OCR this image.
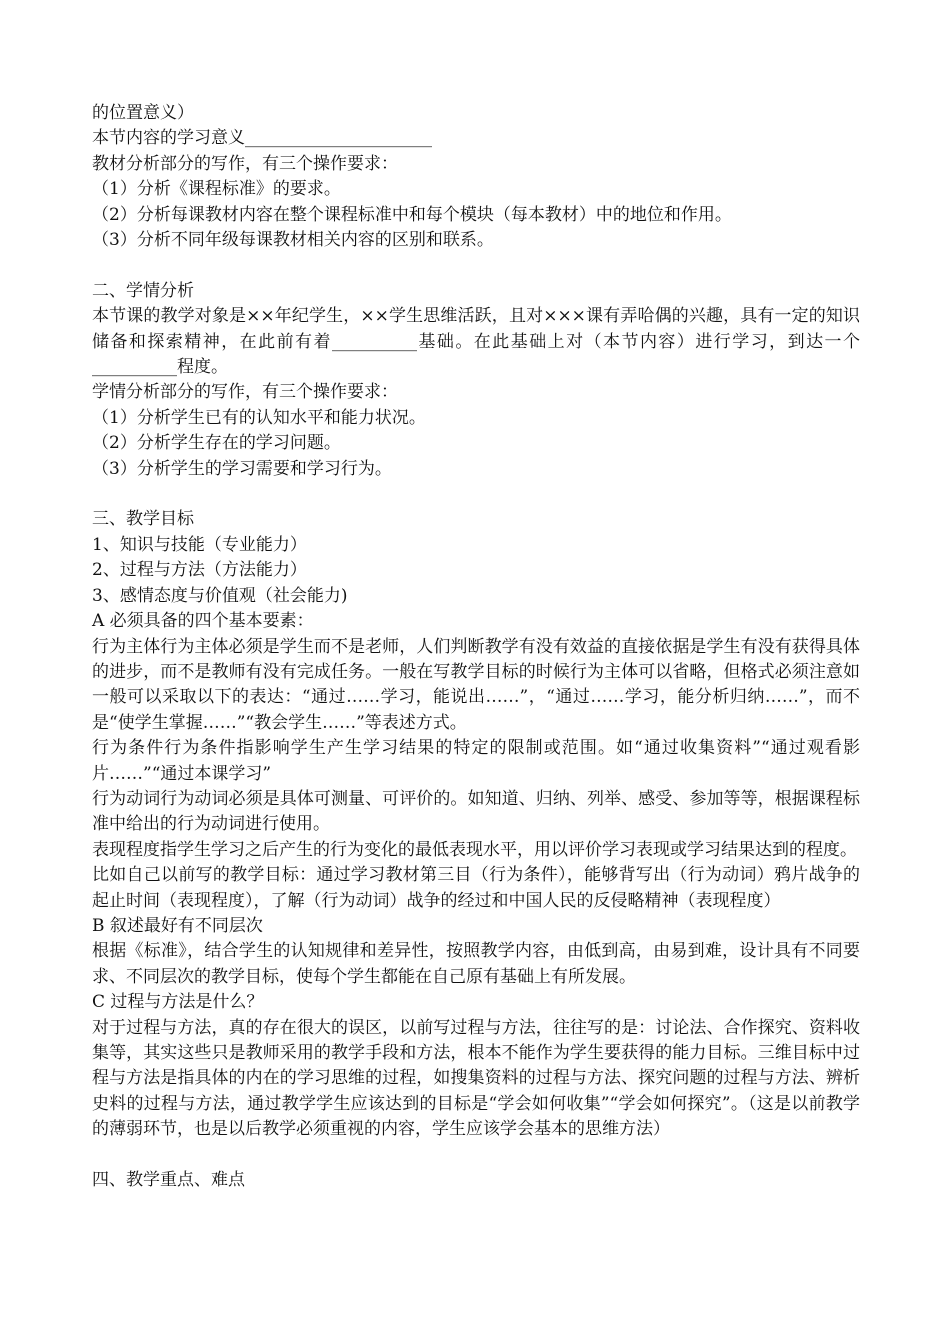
的位置意义）

本节内容的学习意义______________________

教材分析部分的写作，有三个操作要求：

（1）分析《课程标准》的要求。

（2）分析每课教材内容在整个课程标准中和每个模块（每本教材）中的地位和作用。

（3）分析不同年级每课教材相关内容的区别和联系。

二、学情分析

本节课的教学对象是××年纪学生，××学生思维活跃，且对×××课有弄哈偶的兴趣，具有一定的知识储备和探索精神，在此前有着__________基础。在此基础上对（本节内容）进行学习，到达一个__________程度。

学情分析部分的写作，有三个操作要求：

（1）分析学生已有的认知水平和能力状况。

（2）分析学生存在的学习问题。

（3）分析学生的学习需要和学习行为。

三、教学目标

1、知识与技能（专业能力）

2、过程与方法（方法能力）

3、感情态度与价值观（社会能力)

A 必须具备的四个基本要素：

行为主体行为主体必须是学生而不是老师，人们判断教学有没有效益的直接依据是学生有没有获得具体的进步，而不是教师有没有完成任务。一般在写教学目标的时候行为主体可以省略，但格式必须注意如一般可以采取以下的表达：“通过……学习，能说出……”，“通过……学习，能分析归纳……”，而不是“使学生掌握……”“教会学生……”等表述方式。

行为条件行为条件指影响学生产生学习结果的特定的限制或范围。如“通过收集资料”“通过观看影片……”“通过本课学习”

行为动词行为动词必须是具体可测量、可评价的。如知道、归纳、列举、感受、参加等等，根据课程标准中给出的行为动词进行使用。

表现程度指学生学习之后产生的行为变化的最低表现水平，用以评价学习表现或学习结果达到的程度。

比如自己以前写的教学目标：通过学习教材第三目（行为条件），能够背写出（行为动词）鸦片战争的起止时间（表现程度），了解（行为动词）战争的经过和中国人民的反侵略精神（表现程度）

B 叙述最好有不同层次

根据《标准》，结合学生的认知规律和差异性，按照教学内容，由低到高，由易到难，设计具有不同要求、不同层次的教学目标，使每个学生都能在自己原有基础上有所发展。

C 过程与方法是什么？

对于过程与方法，真的存在很大的误区，以前写过程与方法，往往写的是：讨论法、合作探究、资料收集等，其实这些只是教师采用的教学手段和方法，根本不能作为学生要获得的能力目标。三维目标中过程与方法是指具体的内在的学习思维的过程，如搜集资料的过程与方法、探究问题的过程与方法、辨析史料的过程与方法，通过教学学生应该达到的目标是“学会如何收集”“学会如何探究”。（这是以前教学的薄弱环节，也是以后教学必须重视的内容，学生应该学会基本的思维方法）

四、教学重点、难点
